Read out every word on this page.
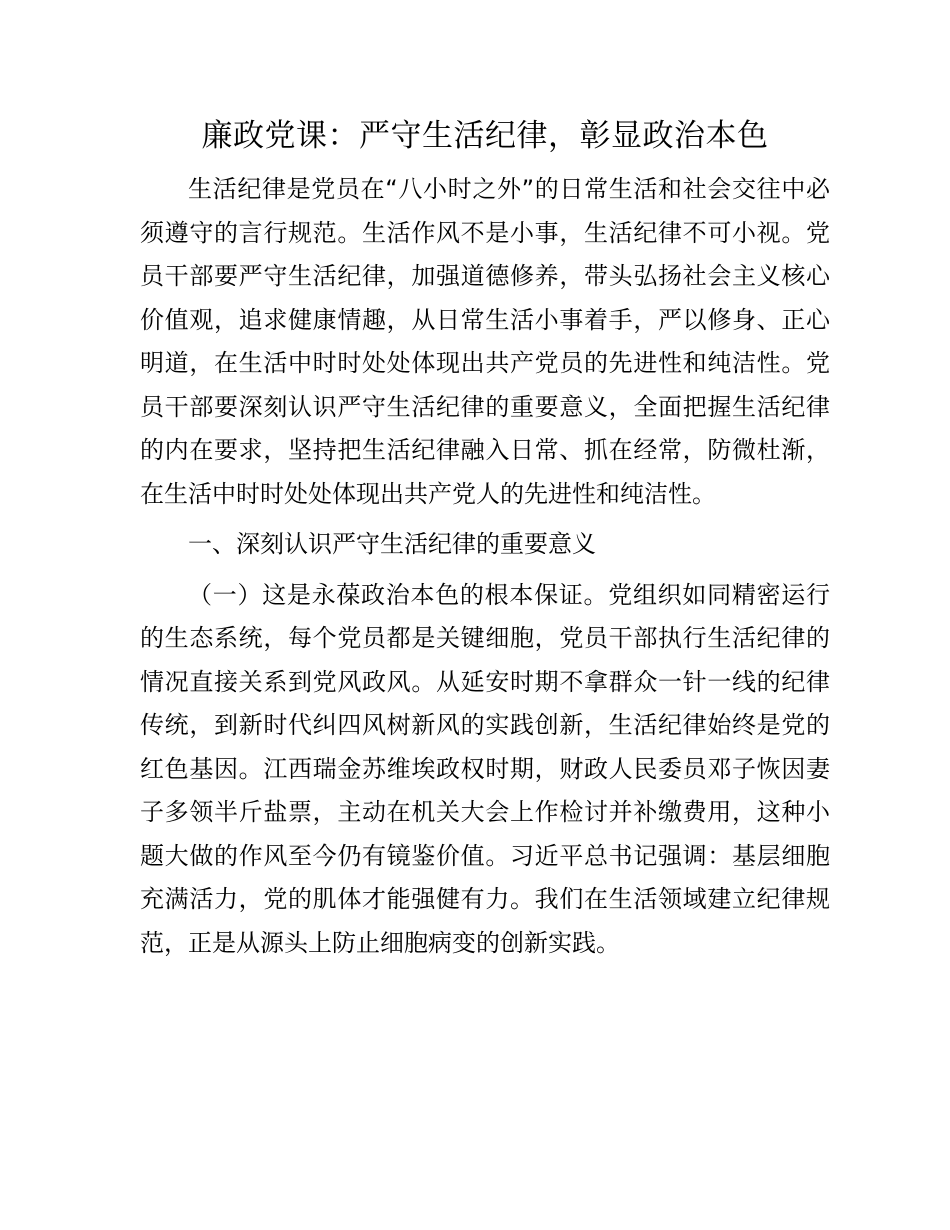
廉政党课：严守生活纪律，彰显政治本色

生活纪律是党员在“八小时之外”的日常生活和社会交往中必须遵守的言行规范。生活作风不是小事，生活纪律不可小视。党员干部要严守生活纪律，加强道德修养，带头弘扬社会主义核心价值观，追求健康情趣，从日常生活小事着手，严以修身、正心明道，在生活中时时处处体现出共产党员的先进性和纯洁性。党员干部要深刻认识严守生活纪律的重要意义，全面把握生活纪律的内在要求，坚持把生活纪律融入日常、抓在经常，防微杜渐，在生活中时时处处体现出共产党人的先进性和纯洁性。

一、深刻认识严守生活纪律的重要意义

（一）这是永葆政治本色的根本保证。党组织如同精密运行的生态系统，每个党员都是关键细胞，党员干部执行生活纪律的情况直接关系到党风政风。从延安时期不拿群众一针一线的纪律传统，到新时代纠四风树新风的实践创新，生活纪律始终是党的红色基因。江西瑞金苏维埃政权时期，财政人民委员邓子恢因妻子多领半斤盐票，主动在机关大会上作检讨并补缴费用，这种小题大做的作风至今仍有镜鉴价值。习近平总书记强调：基层细胞充满活力，党的肌体才能强健有力。我们在生活领域建立纪律规范，正是从源头上防止细胞病变的创新实践。
